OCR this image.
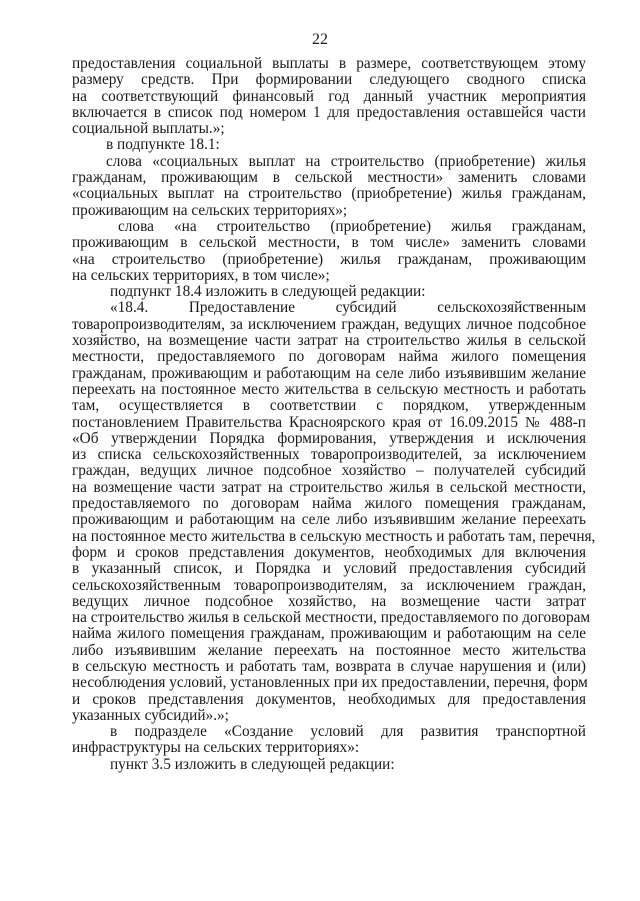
22
предоставления социальной выплаты в размере, соответствующем этому
размеру средств. При формировании следующего сводного списка
на соответствующий финансовый год данный участник мероприятия
включается в список под номером 1 для предоставления оставшейся части
социальной выплаты.»;
в подпункте 18.1:
слова «социальных выплат на строительство (приобретение) жилья
гражданам, проживающим в сельской местности» заменить словами
«социальных выплат на строительство (приобретение) жилья гражданам,
проживающим на сельских территориях»;
слова «на строительство (приобретение) жилья гражданам,
проживающим в сельской местности, в том числе» заменить словами
«на строительство (приобретение) жилья гражданам, проживающим
на сельских территориях, в том числе»;
подпункт 18.4 изложить в следующей редакции:
«18.4. Предоставление субсидий сельскохозяйственным
товаропроизводителям, за исключением граждан, ведущих личное подсобное
хозяйство, на возмещение части затрат на строительство жилья в сельской
местности, предоставляемого по договорам найма жилого помещения
гражданам, проживающим и работающим на селе либо изъявившим желание
переехать на постоянное место жительства в сельскую местность и работать
там, осуществляется в соответствии с порядком, утвержденным
постановлением Правительства Красноярского края от 16.09.2015 № 488-п
«Об утверждении Порядка формирования, утверждения и исключения
из списка сельскохозяйственных товаропроизводителей, за исключением
граждан, ведущих личное подсобное хозяйство – получателей субсидий
на возмещение части затрат на строительство жилья в сельской местности,
предоставляемого по договорам найма жилого помещения гражданам,
проживающим и работающим на селе либо изъявившим желание переехать
на постоянное место жительства в сельскую местность и работать там, перечня,
форм и сроков представления документов, необходимых для включения
в указанный список, и Порядка и условий предоставления субсидий
сельскохозяйственным товаропроизводителям, за исключением граждан,
ведущих личное подсобное хозяйство, на возмещение части затрат
на строительство жилья в сельской местности, предоставляемого по договорам
найма жилого помещения гражданам, проживающим и работающим на селе
либо изъявившим желание переехать на постоянное место жительства
в сельскую местность и работать там, возврата в случае нарушения и (или)
несоблюдения условий, установленных при их предоставлении, перечня, форм
и сроков представления документов, необходимых для предоставления
указанных субсидий».»;
в подразделе «Создание условий для развития транспортной
инфраструктуры на сельских территориях»:
пункт 3.5 изложить в следующей редакции:
